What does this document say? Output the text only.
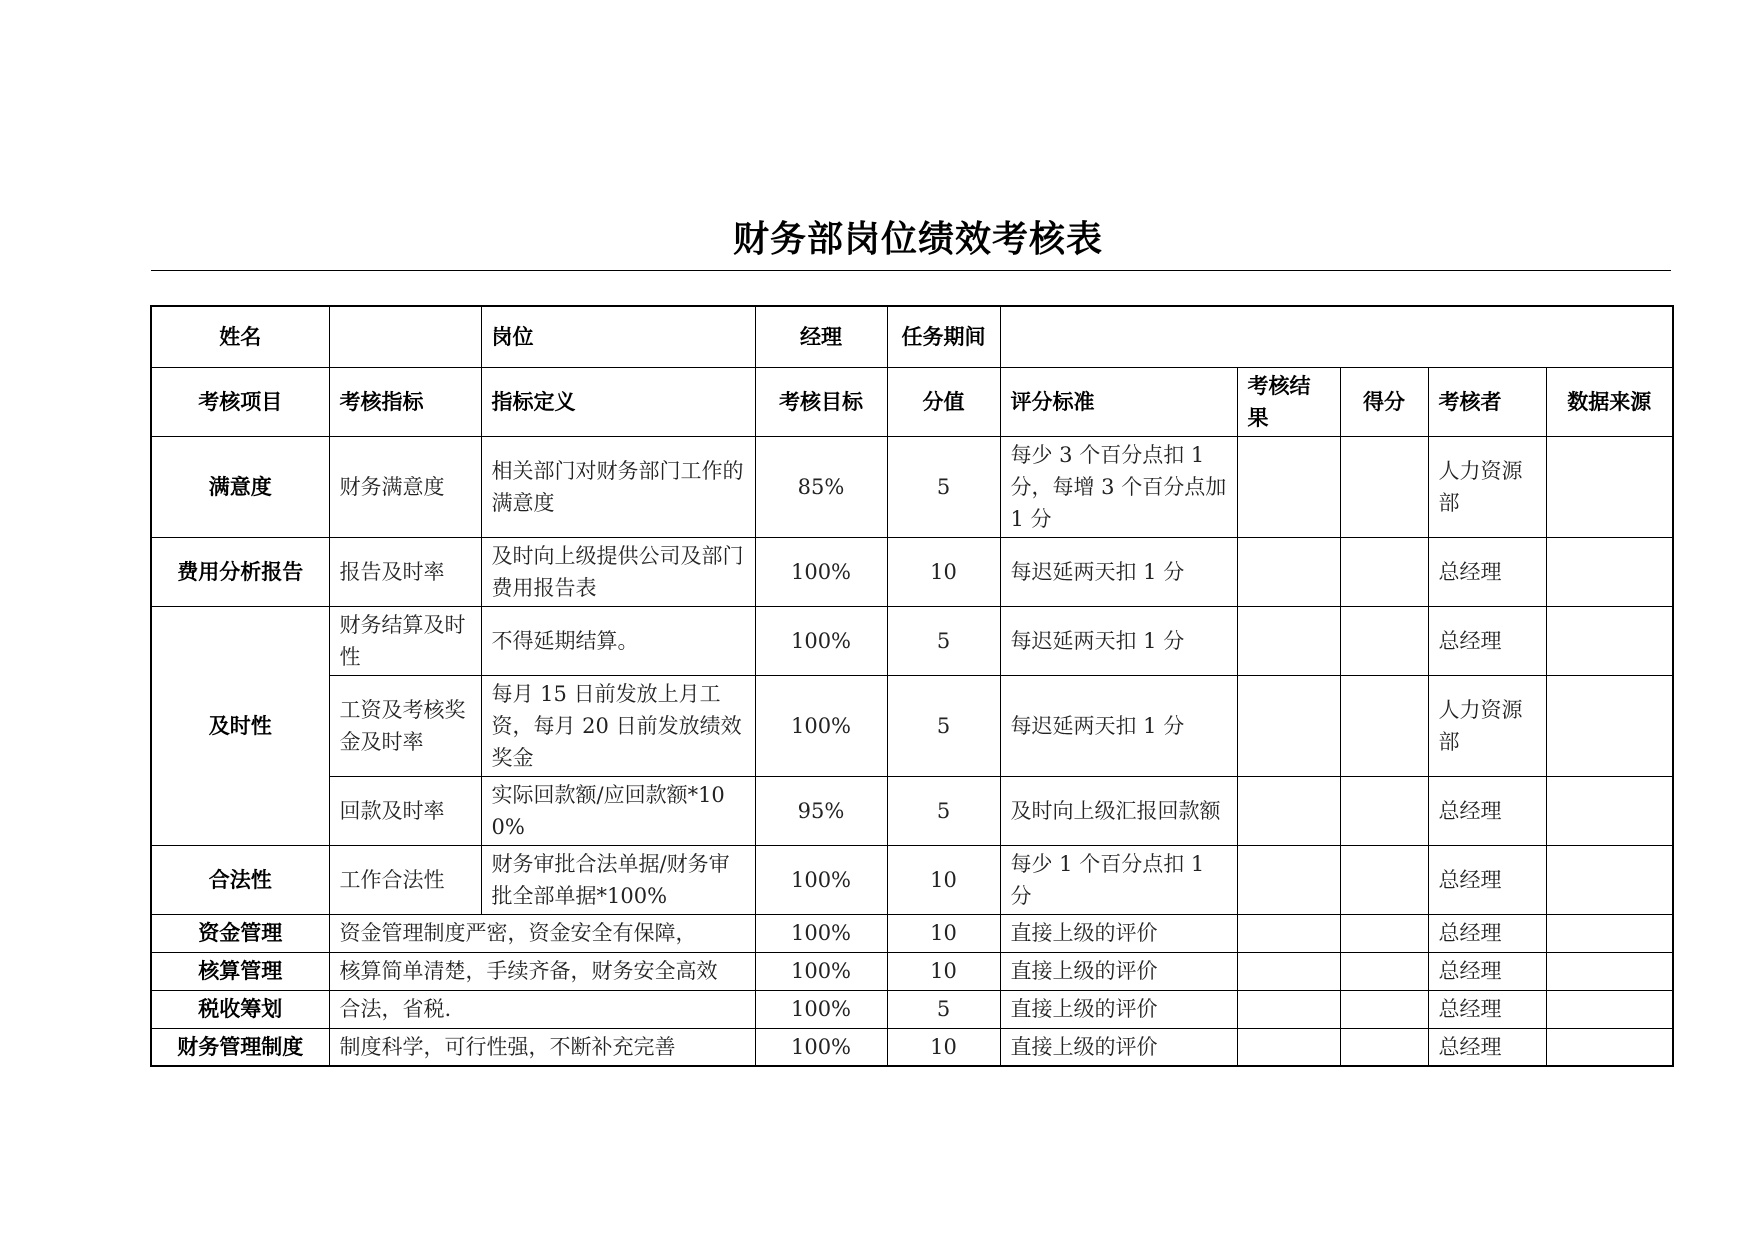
财务部岗位绩效考核表
姓名		岗位	经理	任务期间					
考核项目	考核指标	指标定义	考核目标	分值	评分标准	考核结果	得分	考核者	数据来源
满意度	财务满意度	相关部门对财务部门工作的满意度	85%	5	每少 3 个百分点扣 1 分，每增 3 个百分点加 1 分			人力资源部	
费用分析报告	报告及时率	及时向上级提供公司及部门费用报告表	100%	10	每迟延两天扣 1 分			总经理	
及时性	财务结算及时性	不得延期结算。	100%	5	每迟延两天扣 1 分			总经理	
	工资及考核奖金及时率	每月 15 日前发放上月工资，每月 20 日前发放绩效奖金	100%	5	每迟延两天扣 1 分			人力资源部	
	回款及时率	实际回款额/应回款额*100%	95%	5	及时向上级汇报回款额			总经理	
合法性	工作合法性	财务审批合法单据/财务审批全部单据*100%	100%	10	每少 1 个百分点扣 1 分			总经理	
资金管理	资金管理制度严密，资金安全有保障，		100%	10	直接上级的评价			总经理	
核算管理	核算简单清楚，手续齐备，财务安全高效		100%	10	直接上级的评价			总经理	
税收筹划	合法，省税.		100%	5	直接上级的评价			总经理	
财务管理制度	制度科学，可行性强，不断补充完善		100%	10	直接上级的评价			总经理	
